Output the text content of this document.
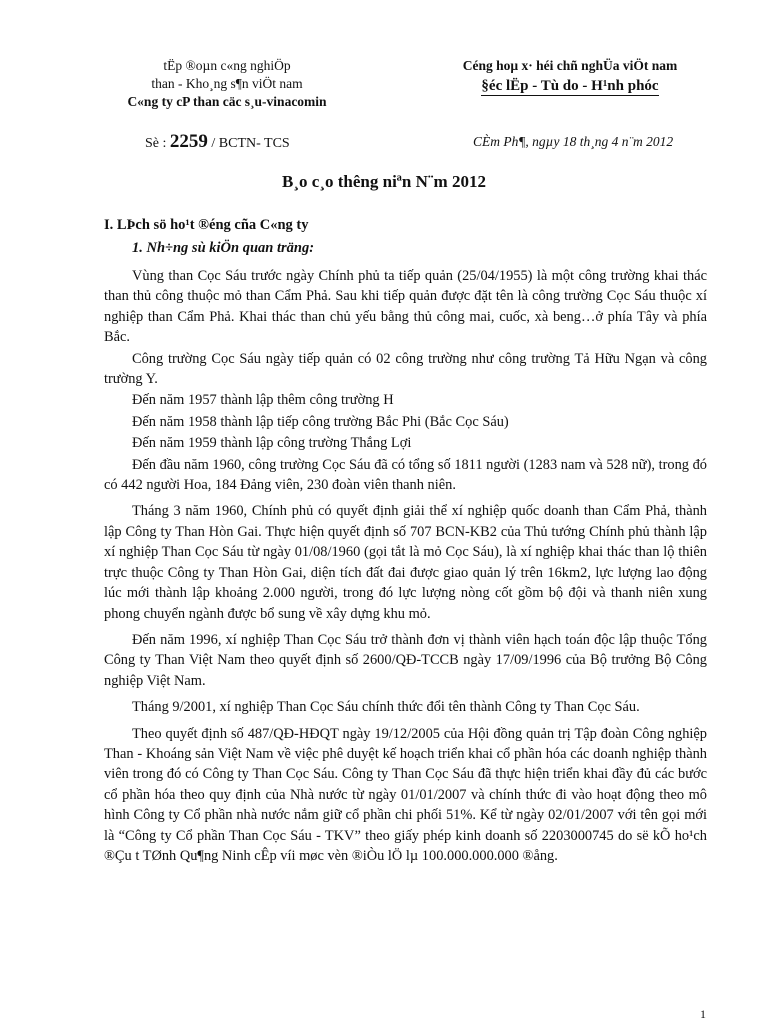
tËp ®oµn c«ng nghiÖp
than - Kho¸ng s¶n viÖt nam
C«ng ty cP than cäc s¸u-vinacomin
Céng hoµ x· héi chñ nghÜa viÖt nam
§éc lËp - Tù do - H¹nh phóc
Sè : 2259 / BCTN- TCS	CÈm Ph¶, ngµy 18 th¸ng 4 n¨m 2012
B¸o c¸o thêng niªn N¨m 2012
I. LÞch sö ho¹t ®éng cña C«ng ty
1. Nh÷ng sù kiÖn quan träng:

Vùng than Cọc Sáu trước ngày Chính phủ ta tiếp quản (25/04/1955) là một công trường khai thác than thủ công thuộc mỏ than Cẩm Phả. Sau khi tiếp quản được đặt tên là công trường Cọc Sáu thuộc xí nghiệp than Cẩm Phả. Khai thác than chủ yếu bằng thủ công mai, cuốc, xà beng…ở phía Tây và phía Bắc.

Công trường Cọc Sáu ngày tiếp quản có 02 công trường như công trường Tả Hữu Ngạn và công trường Y.

Đến năm 1957 thành lập thêm công trường H

Đến năm 1958 thành lập tiếp công trường Bắc Phi (Bắc Cọc Sáu)

Đến năm 1959 thành lập công trường Thắng Lợi

Đến đầu năm 1960, công trường Cọc Sáu đã có tổng số 1811 người (1283 nam và 528 nữ), trong đó có 442 người Hoa, 184 Đảng viên, 230 đoàn viên thanh niên.

Tháng 3 năm 1960, Chính phủ có quyết định giải thể xí nghiệp quốc doanh than Cẩm Phả, thành lập Công ty Than Hòn Gai. Thực hiện quyết định số 707 BCN-KB2 của Thủ tướng Chính phủ thành lập xí nghiệp Than Cọc Sáu từ ngày 01/08/1960 (gọi tắt là mỏ Cọc Sáu), là xí nghiệp khai thác than lộ thiên trực thuộc Công ty Than Hòn Gai, diện tích đất đai được giao quản lý trên 16km2, lực lượng lao động lúc mới thành lập khoảng 2.000 người, trong đó lực lượng nòng cốt gồm bộ đội và thanh niên xung phong chuyển ngành được bổ sung về xây dựng khu mỏ.

Đến năm 1996, xí nghiệp Than Cọc Sáu trở thành đơn vị thành viên hạch toán độc lập thuộc Tổng Công ty Than Việt Nam theo quyết định số 2600/QĐ-TCCB ngày 17/09/1996 của Bộ trưởng Bộ Công nghiệp Việt Nam.

Tháng 9/2001, xí nghiệp Than Cọc Sáu chính thức đổi tên thành Công ty Than Cọc Sáu.

Theo quyết định số 487/QĐ-HĐQT ngày 19/12/2005 của Hội đồng quản trị Tập đoàn Công nghiệp Than - Khoáng sản Việt Nam về việc phê duyệt kế hoạch triển khai cổ phần hóa các doanh nghiệp thành viên trong đó có Công ty Than Cọc Sáu. Công ty Than Cọc Sáu đã thực hiện triển khai đầy đủ các bước cổ phần hóa theo quy định của Nhà nước từ ngày 01/01/2007 và chính thức đi vào hoạt động theo mô hình Công ty Cổ phần nhà nước nắm giữ cổ phần chi phối 51%. Kể từ ngày 02/01/2007 với tên gọi mới là “Công ty Cổ phần Than Cọc Sáu - TKV” theo giấy phép kinh doanh số 2203000745 do së kÕ ho¹ch ®Çu t TØnh Qu¶ng Ninh cÊp víi møc vèn ®iÒu lÖ lµ 100.000.000.000 ®ång.

1
